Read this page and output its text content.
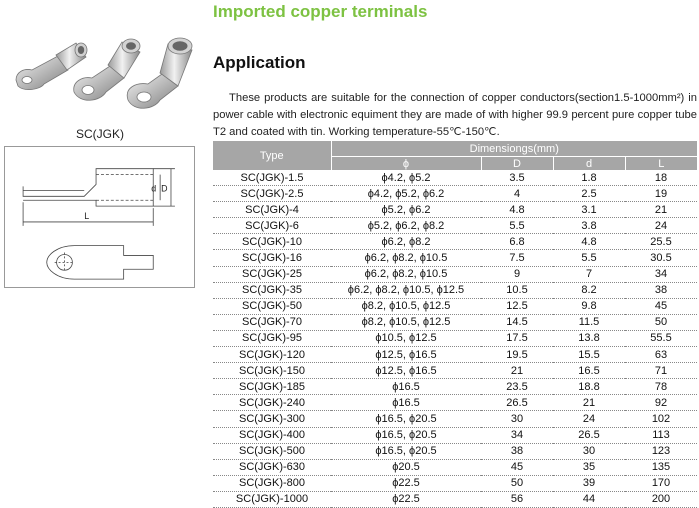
Imported copper terminals
SC(JGK)
d D
L
Application

These products are suitable for the connection of copper conductors(section1.5-1000mm²) in power cable with electronic equiment they are made of with higher 99.9 percent pure copper tube T2 and coated with tin. Working temperature-55℃-150℃.

Type	Dimensiongs(mm)			
	ϕ	D	d	L
SC(JGK)-1.5	ϕ4.2, ϕ5.2	3.5	1.8	18
SC(JGK)-2.5	ϕ4.2, ϕ5.2, ϕ6.2	4	2.5	19
SC(JGK)-4	ϕ5.2, ϕ6.2	4.8	3.1	21
SC(JGK)-6	ϕ5.2, ϕ6.2, ϕ8.2	5.5	3.8	24
SC(JGK)-10	ϕ6.2, ϕ8.2	6.8	4.8	25.5
SC(JGK)-16	ϕ6.2, ϕ8.2, ϕ10.5	7.5	5.5	30.5
SC(JGK)-25	ϕ6.2, ϕ8.2, ϕ10.5	9	7	34
SC(JGK)-35	ϕ6.2, ϕ8.2, ϕ10.5, ϕ12.5	10.5	8.2	38
SC(JGK)-50	ϕ8.2, ϕ10.5, ϕ12.5	12.5	9.8	45
SC(JGK)-70	ϕ8.2, ϕ10.5, ϕ12.5	14.5	11.5	50
SC(JGK)-95	ϕ10.5, ϕ12.5	17.5	13.8	55.5
SC(JGK)-120	ϕ12.5, ϕ16.5	19.5	15.5	63
SC(JGK)-150	ϕ12.5, ϕ16.5	21	16.5	71
SC(JGK)-185	ϕ16.5	23.5	18.8	78
SC(JGK)-240	ϕ16.5	26.5	21	92
SC(JGK)-300	ϕ16.5, ϕ20.5	30	24	102
SC(JGK)-400	ϕ16.5, ϕ20.5	34	26.5	113
SC(JGK)-500	ϕ16.5, ϕ20.5	38	30	123
SC(JGK)-630	ϕ20.5	45	35	135
SC(JGK)-800	ϕ22.5	50	39	170
SC(JGK)-1000	ϕ22.5	56	44	200
